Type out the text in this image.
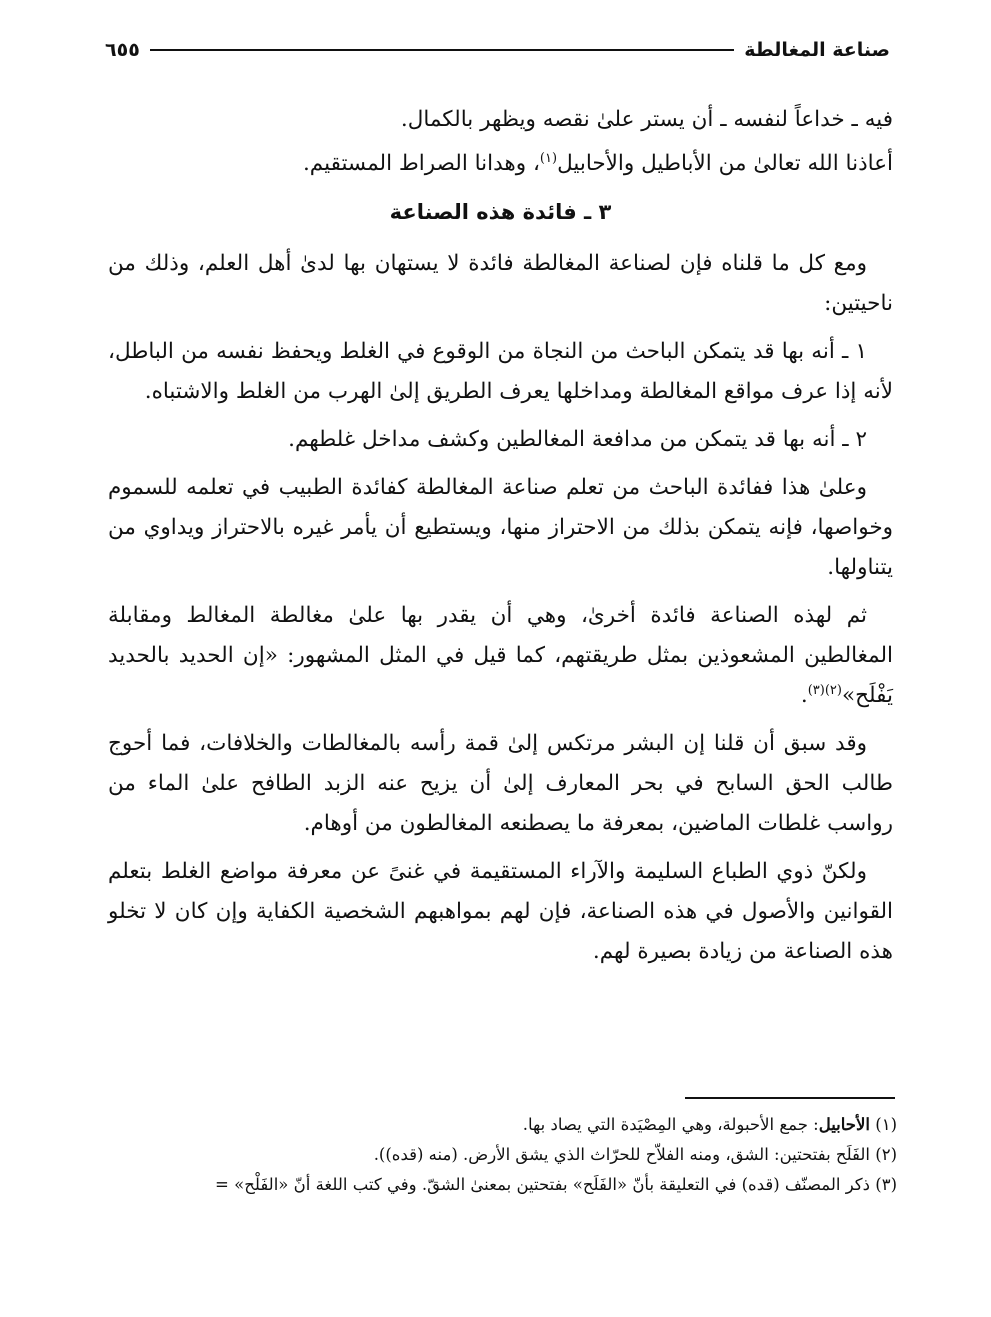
صناعة المغالطة
٦٥٥

فيه ـ خداعاً لنفسه ـ أن يستر علىٰ نقصه ويظهر بالكمال.

أعاذنا الله تعالىٰ من الأباطيل والأحابيل$^{(١)}$، وهدانا الصراط المستقيم.

٣ ـ فائدة هذه الصناعة

ومع كل ما قلناه فإن لصناعة المغالطة فائدة لا يستهان بها لدىٰ أهل العلم، وذلك من ناحيتين:

١ ـ أنه بها قد يتمكن الباحث من النجاة من الوقوع في الغلط ويحفظ نفسه من الباطل، لأنه إذا عرف مواقع المغالطة ومداخلها يعرف الطريق إلىٰ الهرب من الغلط والاشتباه.

٢ ـ أنه بها قد يتمكن من مدافعة المغالطين وكشف مداخل غلطهم.

وعلىٰ هذا ففائدة الباحث من تعلم صناعة المغالطة كفائدة الطبيب في تعلمه للسموم وخواصها، فإنه يتمكن بذلك من الاحتراز منها، ويستطيع أن يأمر غيره بالاحتراز ويداوي من يتناولها.

ثم لهذه الصناعة فائدة أخرىٰ، وهي أن يقدر بها علىٰ مغالطة المغالط ومقابلة المغالطين المشعوذين بمثل طريقتهم، كما قيل في المثل المشهور: «إن الحديد بالحديد يَفْلَح»$^{(٢)(٣)}$.

وقد سبق أن قلنا إن البشر مرتكس إلىٰ قمة رأسه بالمغالطات والخلافات، فما أحوج طالب الحق السابح في بحر المعارف إلىٰ أن يزيح عنه الزبد الطافح علىٰ الماء من رواسب غلطات الماضين، بمعرفة ما يصطنعه المغالطون من أوهام.

ولكنّ ذوي الطباع السليمة والآراء المستقيمة في غنىً عن معرفة مواضع الغلط بتعلم القوانين والأصول في هذه الصناعة، فإن لهم بمواهبهم الشخصية الكفاية وإن كان لا تخلو هذه الصناعة من زيادة بصيرة لهم.

(١) الأحابيل: جمع الأحبولة، وهي المِصْيَدة التي يصاد بها.
(٢) الفَلَح بفتحتين: الشق، ومنه الفلاّح للحرّاث الذي يشق الأرض. (منه (قده)).
(٣) ذكر المصنّف (قده) في التعليقة بأنّ «الفَلَح» بفتحتين بمعنىٰ الشقّ. وفي كتب اللغة أنّ «الفَلْح» =
